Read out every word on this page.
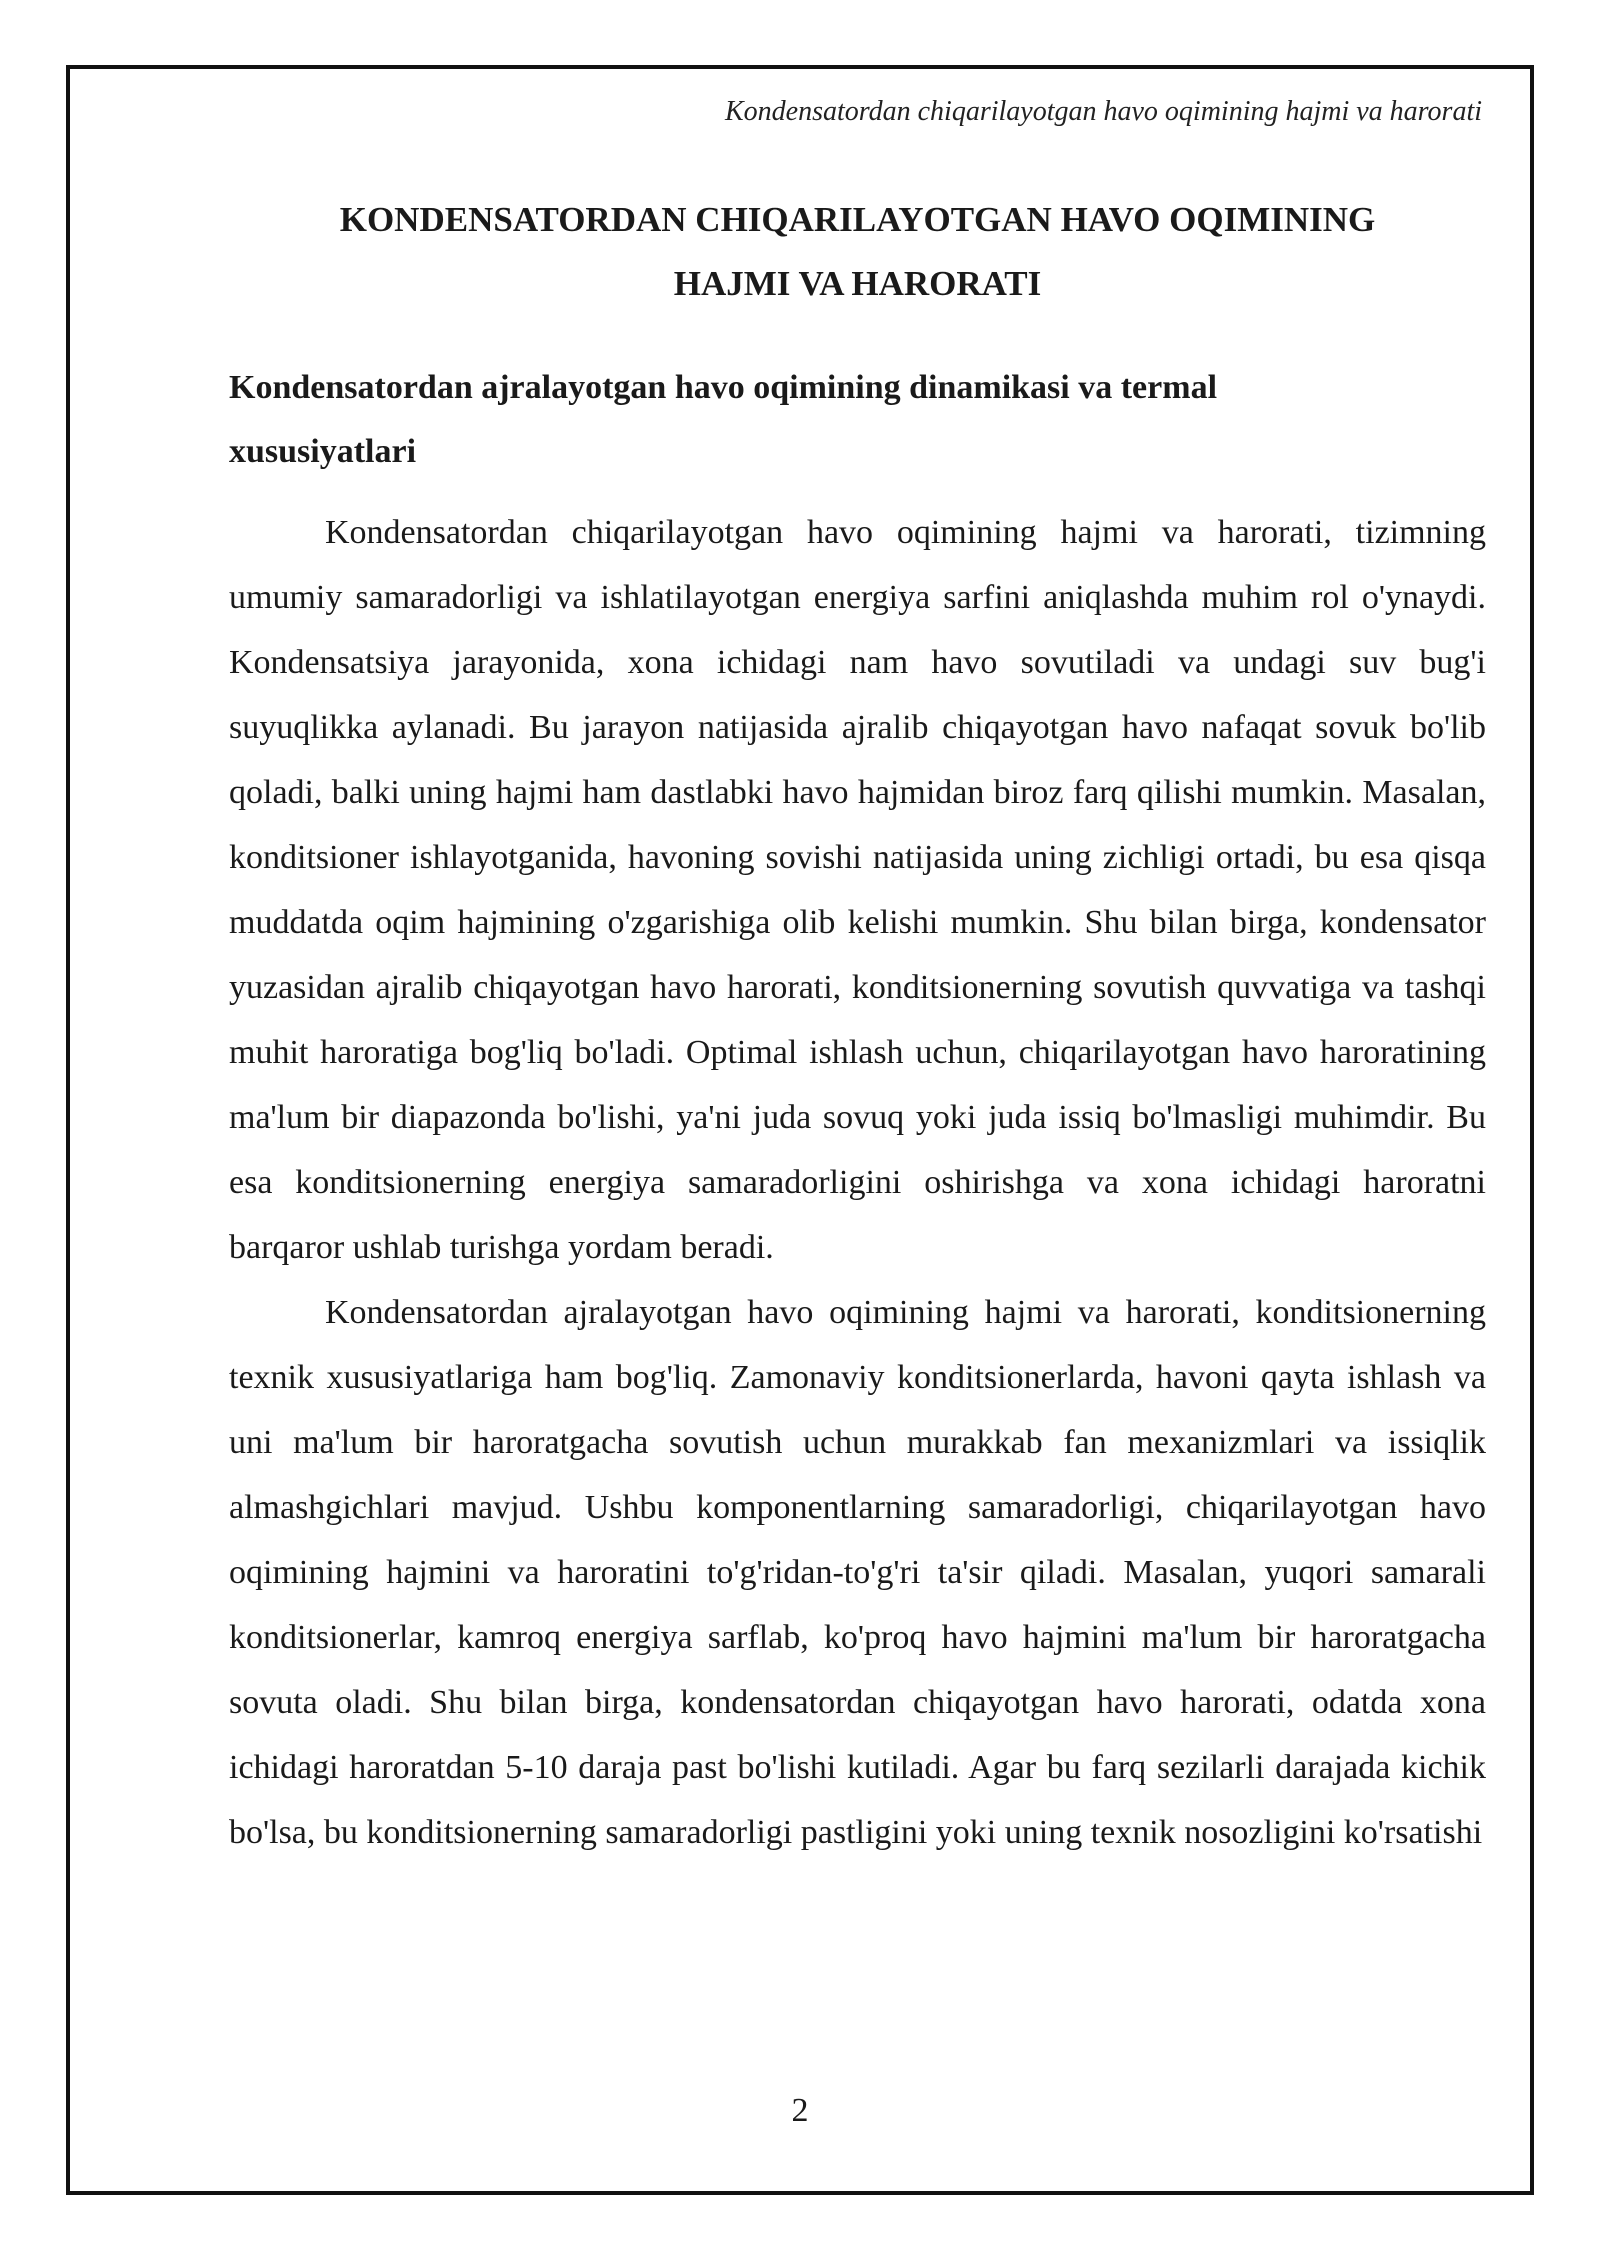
Kondensatordan chiqarilayotgan havo oqimining hajmi va harorati
KONDENSATORDAN CHIQARILAYOTGAN HAVO OQIMINING HAJMI VA HARORATI
Kondensatordan ajralayotgan havo oqimining dinamikasi va termal xususiyatlari

Kondensatordan chiqarilayotgan havo oqimining hajmi va harorati, tizimning umumiy samaradorligi va ishlatilayotgan energiya sarfini aniqlashda muhim rol o'ynaydi. Kondensatsiya jarayonida, xona ichidagi nam havo sovutiladi va undagi suv bug'i suyuqlikka aylanadi. Bu jarayon natijasida ajralib chiqayotgan havo nafaqat sovuk bo'lib qoladi, balki uning hajmi ham dastlabki havo hajmidan biroz farq qilishi mumkin. Masalan, konditsioner ishlayotganida, havoning sovishi natijasida uning zichligi ortadi, bu esa qisqa muddatda oqim hajmining o'zgarishiga olib kelishi mumkin. Shu bilan birga, kondensator yuzasidan ajralib chiqayotgan havo harorati, konditsionerning sovutish quvvatiga va tashqi muhit haroratiga bog'liq bo'ladi. Optimal ishlash uchun, chiqarilayotgan havo haroratining ma'lum bir diapazonda bo'lishi, ya'ni juda sovuq yoki juda issiq bo'lmasligi muhimdir. Bu esa konditsionerning energiya samaradorligini oshirishga va xona ichidagi haroratni barqaror ushlab turishga yordam beradi.

Kondensatordan ajralayotgan havo oqimining hajmi va harorati, konditsionerning texnik xususiyatlariga ham bog'liq. Zamonaviy konditsionerlarda, havoni qayta ishlash va uni ma'lum bir haroratgacha sovutish uchun murakkab fan mexanizmlari va issiqlik almashgichlari mavjud. Ushbu komponentlarning samaradorligi, chiqarilayotgan havo oqimining hajmini va haroratini to'g'ridan-to'g'ri ta'sir qiladi. Masalan, yuqori samarali konditsionerlar, kamroq energiya sarflab, ko'proq havo hajmini ma'lum bir haroratgacha sovuta oladi. Shu bilan birga, kondensatordan chiqayotgan havo harorati, odatda xona ichidagi haroratdan 5-10 daraja past bo'lishi kutiladi. Agar bu farq sezilarli darajada kichik bo'lsa, bu konditsionerning samaradorligi pastligini yoki uning texnik nosozligini ko'rsatishi

2
